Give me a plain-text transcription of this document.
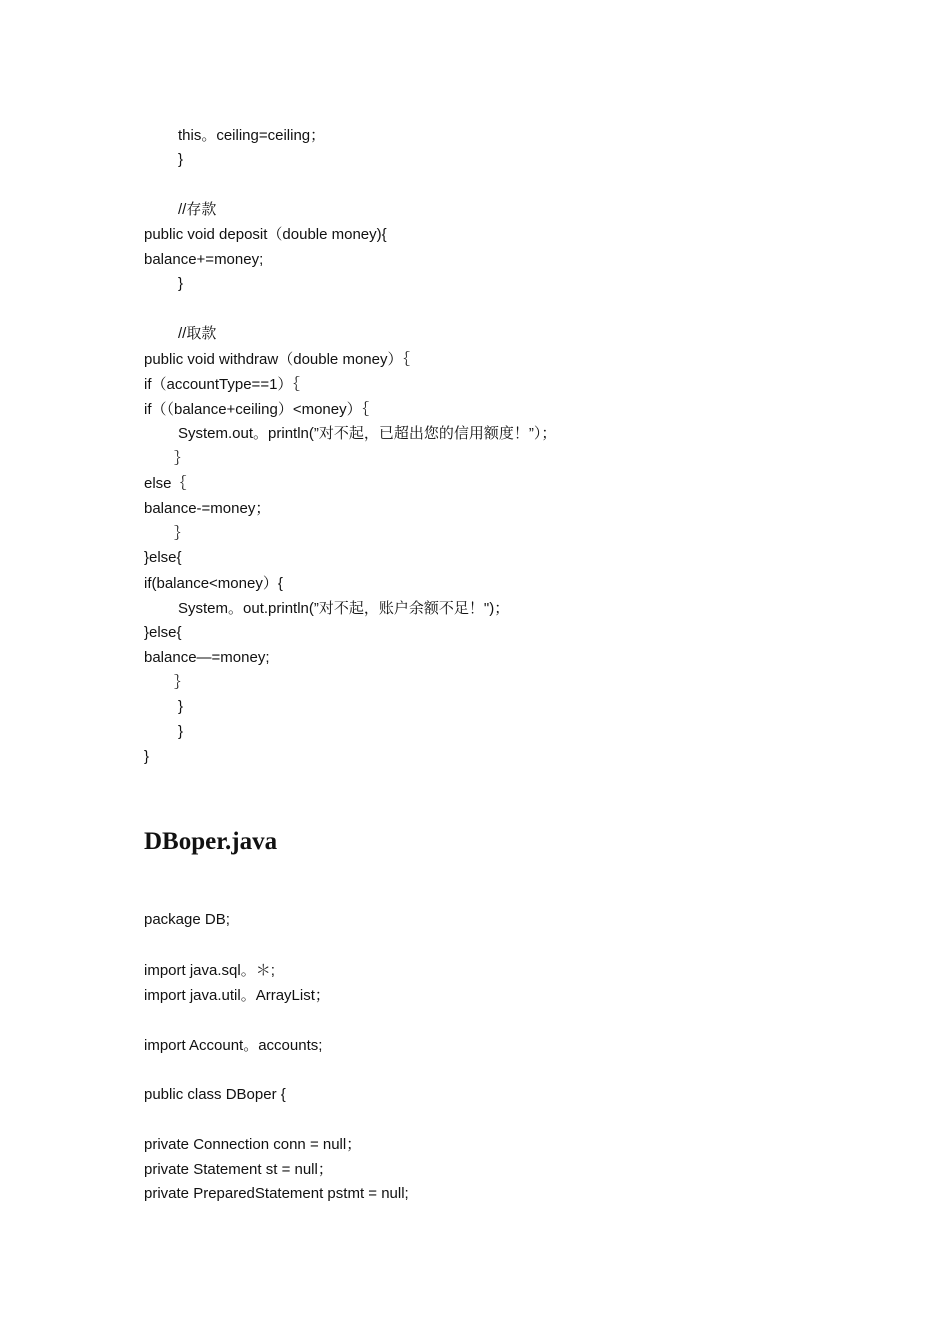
this。ceiling=ceiling；
}
//存款
public void deposit（double money){
balance+=money;
}
//取款
public void withdraw（double money）｛
if（accountType==1）｛
if（（balance+ceiling）<money）｛
System.out。println(”对不起，已超出您的信用额度！”）；
｝
else｛
balance-=money；
｝
}else{
if(balance<money）{
System。out.println(”对不起，账户余额不足！")；
}else{
balance—=money;
｝
}
}
}
DBoper.java
package DB;
import java.sql。＊;
import java.util。ArrayList；
import Account。accounts;
public class DBoper {
private Connection conn = null；
private Statement st = null；
private PreparedStatement pstmt = null;
